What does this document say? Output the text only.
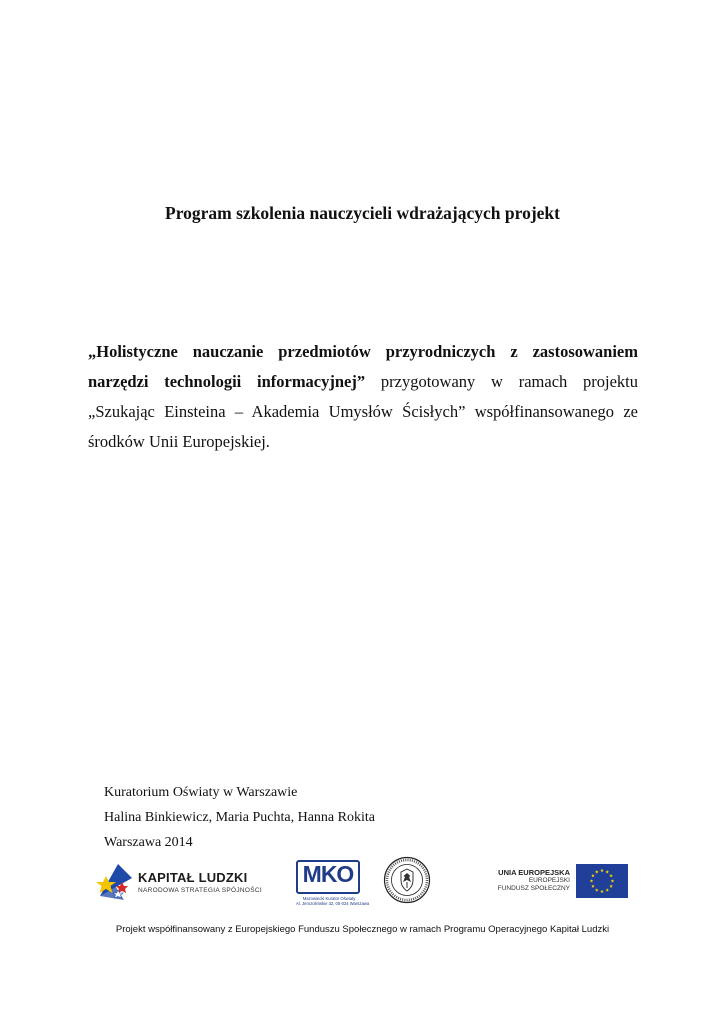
Program szkolenia nauczycieli wdrażających projekt

„Holistyczne nauczanie przedmiotów przyrodniczych z zastosowaniem narzędzi technologii informacyjnej” przygotowany w ramach projektu „Szukając Einsteina – Akademia Umysłów Ścisłych” współfinansowanego ze środków Unii Europejskiej.

Kuratorium Oświaty w Warszawie
Halina Binkiewicz, Maria Puchta, Hanna Rokita
Warszawa 2014
KAPITAŁ LUDZKI
NARODOWA STRATEGIA SPÓJNOŚCI
MKO
Mazowiecki Kurator Oświaty
Al. Jerozolimskie 32, 00-024 Warszawa
UNIA EUROPEJSKA
EUROPEJSKI
FUNDUSZ SPOŁECZNY
Projekt współfinansowany z Europejskiego Funduszu Społecznego w ramach Programu Operacyjnego Kapitał Ludzki
